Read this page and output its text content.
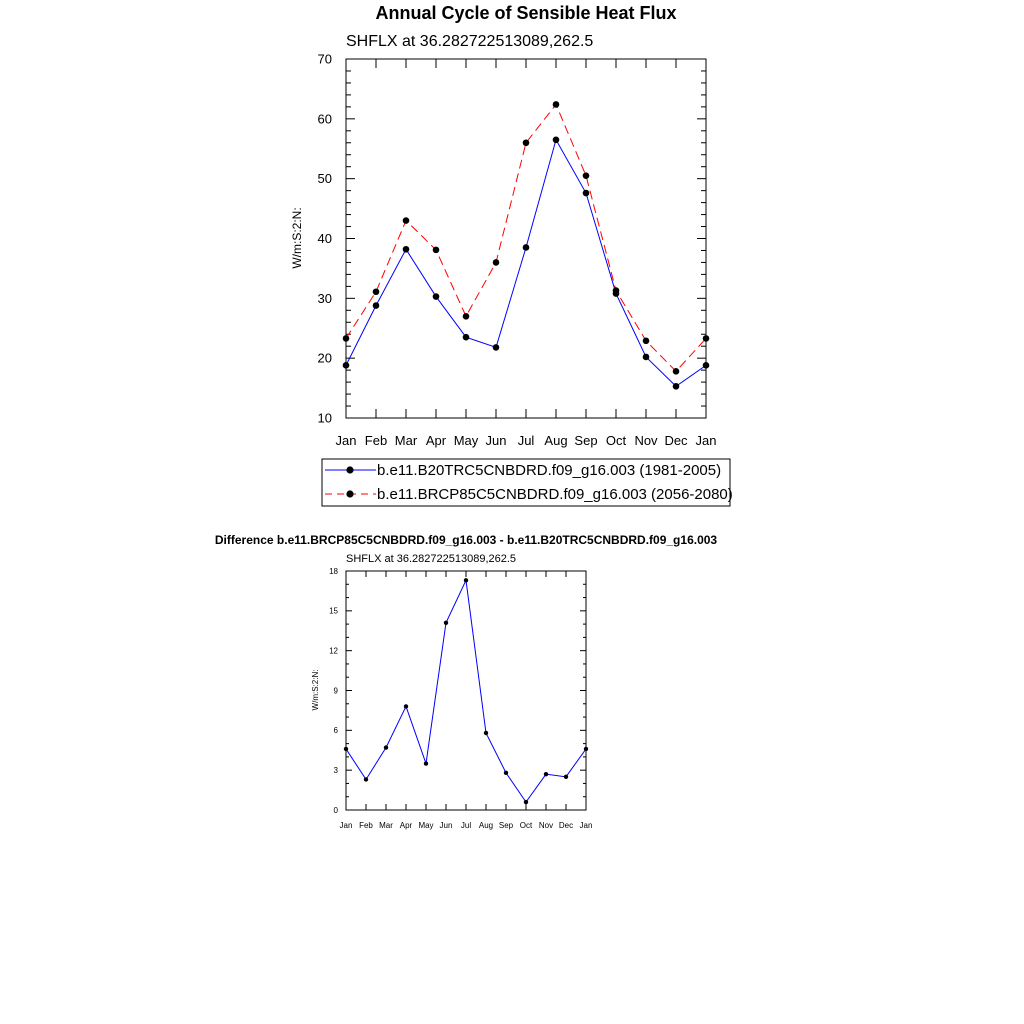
Annual Cycle of Sensible Heat Flux
SHFLX at 36.282722513089,262.5
Difference b.e11.BRCP85C5CNBDRD.f09_g16.003 - b.e11.B20TRC5CNBDRD.f09_g16.003
SHFLX at 36.282722513089,262.5
W/m:S:2:N:
W/m:S:2:N:
Jan Feb Mar Apr May Jun Jul Aug Sep Oct Nov Dec Jan
10
20
30
40
50
60
70
Jan Feb Mar Apr May Jun Jul Aug Sep Oct Nov Dec Jan
0
3
6
9
12
15
18
b.e11.B20TRC5CNBDRD.f09_g16.003 (1981-2005)
b.e11.BRCP85C5CNBDRD.f09_g16.003 (2056-2080)
